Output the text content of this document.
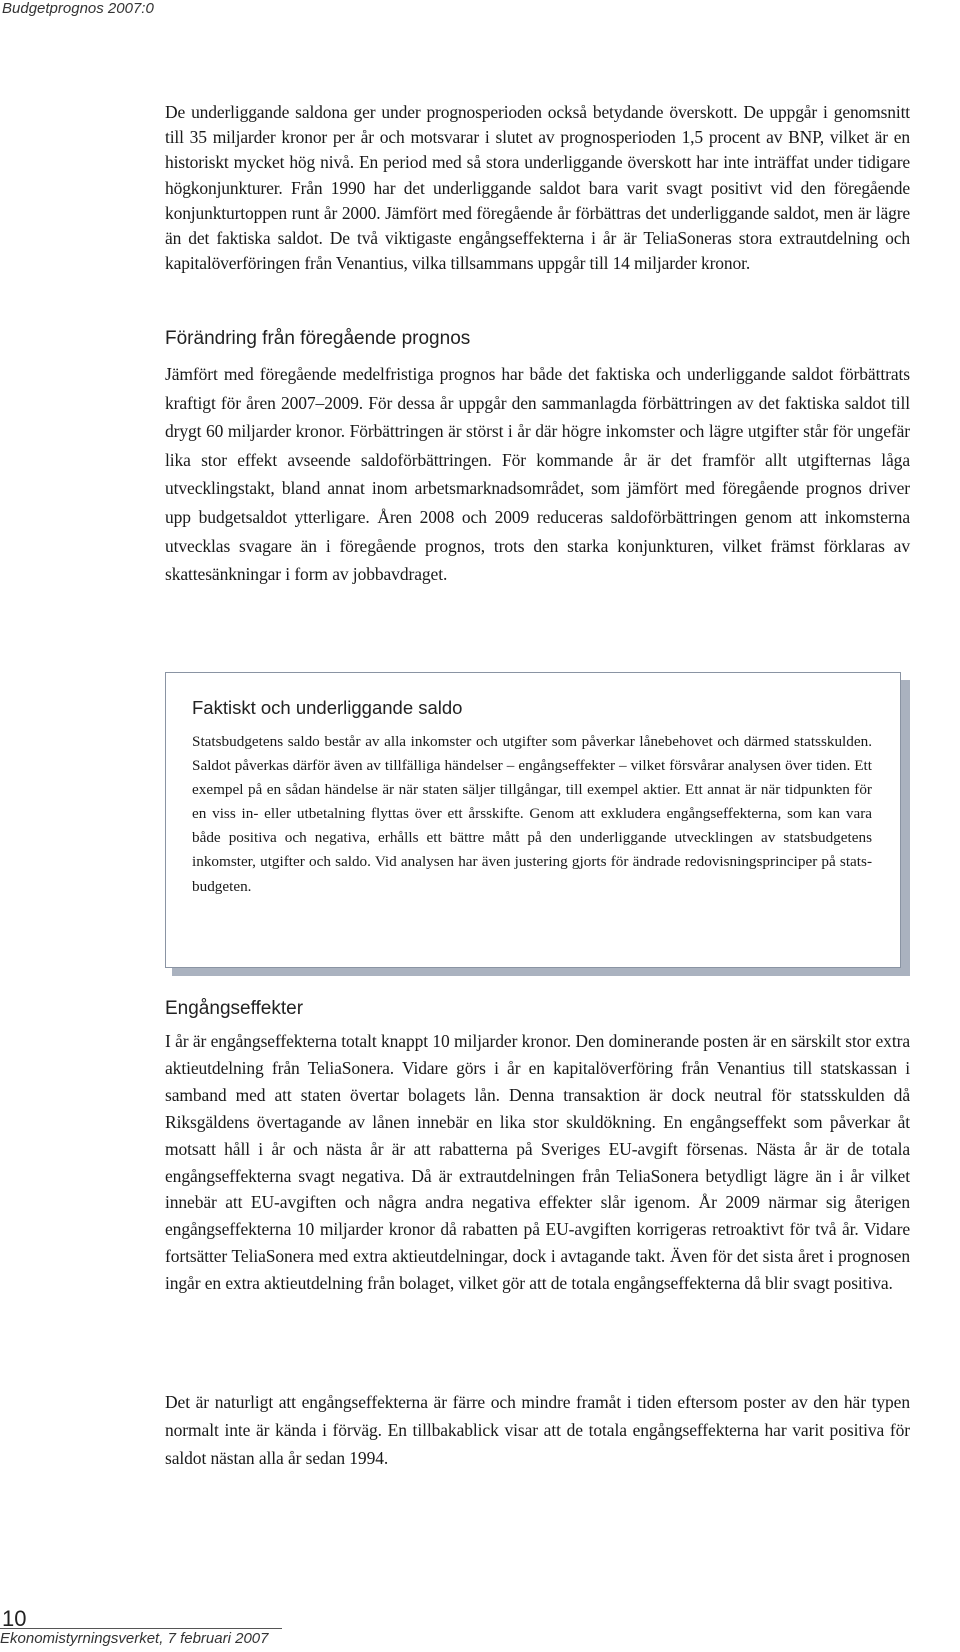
Budgetprognos 2007:0

De underliggande saldona ger under prognosperioden också betydande överskott. De uppgår i genomsnitt till 35 miljarder kronor per år och motsvarar i slutet av prognosperioden 1,5 procent av BNP, vilket är en historiskt mycket hög nivå. En period med så stora underliggande överskott har inte inträffat under tidigare högkonjunkturer. Från 1990 har det underliggande saldot bara varit svagt positivt vid den föregående konjunkturtoppen runt år 2000. Jämfört med föregående år förbättras det underliggande saldot, men är lägre än det faktiska saldot. De två viktigaste engångseffekterna i år är TeliaSoneras stora extrautdelning och kapitalöverföringen från Venantius, vilka tillsammans uppgår till 14 miljarder kronor.

Förändring från föregående prognos

Jämfört med föregående medelfristiga prognos har både det faktiska och underliggande saldot förbättrats kraftigt för åren 2007–2009. För dessa år uppgår den sammanlagda förbättringen av det faktiska saldot till drygt 60 miljarder kronor. Förbättringen är störst i år där högre inkomster och lägre utgifter står för ungefär lika stor effekt avseende saldoförbättringen. För kommande år är det framför allt utgifternas låga utvecklingstakt, bland annat inom arbetsmarknadsområdet, som jämfört med föregående prognos driver upp budgetsaldot ytterligare. Åren 2008 och 2009 reduceras saldoförbättringen genom att inkomsterna utvecklas svagare än i föregående prognos, trots den starka konjunkturen, vilket främst förklaras av skattesänkningar i form av jobbavdraget.

Faktiskt och underliggande saldo

Statsbudgetens saldo består av alla inkomster och utgifter som påverkar lånebehovet och därmed statsskulden. Saldot påverkas därför även av tillfälliga händelser – engångseffekter – vilket försvårar analysen över tiden. Ett exempel på en sådan händelse är när staten säljer tillgångar, till exempel aktier. Ett annat är när tidpunkten för en viss in- eller utbetalning flyttas över ett årsskifte. Genom att exkludera engångseffekterna, som kan vara både positiva och negativa, erhålls ett bättre mått på den underliggande utvecklingen av statsbudgetens inkomster, utgifter och saldo. Vid analysen har även justering gjorts för ändrade redovisningsprinciper på statsbudgeten.

Engångseffekter

I år är engångseffekterna totalt knappt 10 miljarder kronor. Den dominerande posten är en särskilt stor extra aktieutdelning från TeliaSonera. Vidare görs i år en kapitalöverföring från Venantius till statskassan i samband med att staten övertar bolagets lån. Denna transaktion är dock neutral för statsskulden då Riksgäldens övertagande av lånen innebär en lika stor skuldökning. En engångseffekt som påverkar åt motsatt håll i år och nästa år är att rabatterna på Sveriges EU-avgift försenas. Nästa år är de totala engångseffekterna svagt negativa. Då är extrautdelningen från TeliaSonera betydligt lägre än i år vilket innebär att EU-avgiften och några andra negativa effekter slår igenom. År 2009 närmar sig återigen engångseffekterna 10 miljarder kronor då rabatten på EU-avgiften korrigeras retroaktivt för två år. Vidare fortsätter TeliaSonera med extra aktieutdelningar, dock i avtagande takt. Även för det sista året i prognosen ingår en extra aktieutdelning från bolaget, vilket gör att de totala engångseffekterna då blir svagt positiva.

Det är naturligt att engångseffekterna är färre och mindre framåt i tiden eftersom poster av den här typen normalt inte är kända i förväg. En tillbakablick visar att de totala engångseffekterna har varit positiva för saldot nästan alla år sedan 1994.

10
Ekonomistyrningsverket, 7 februari 2007
